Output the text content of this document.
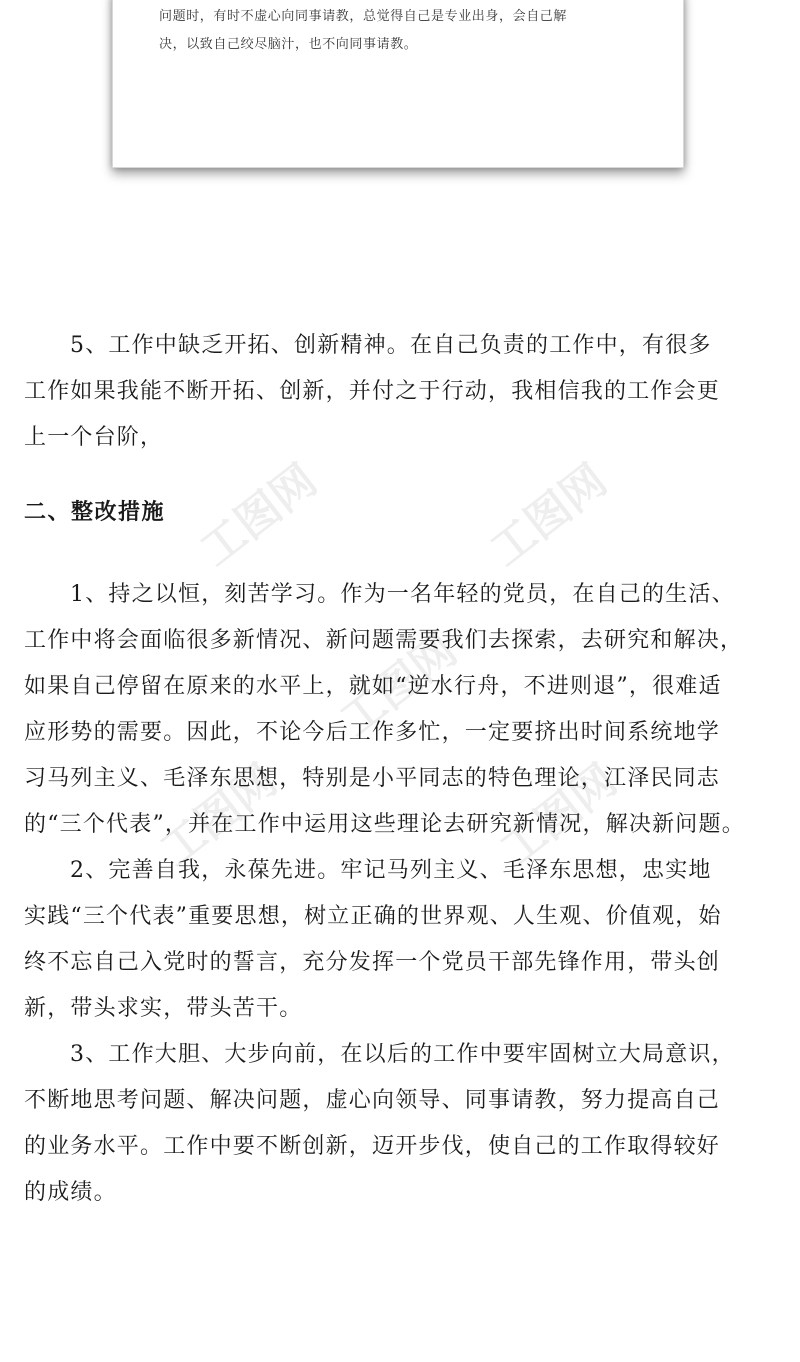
问题时，有时不虚心向同事请教，总觉得自己是专业出身，会自己解
决，以致自己绞尽脑汁，也不向同事请教。
工图网	工图网
工图网
工图网	工图网
5、工作中缺乏开拓、创新精神。在自己负责的工作中，有很多
工作如果我能不断开拓、创新，并付之于行动，我相信我的工作会更
上一个台阶，
二、整改措施
1、持之以恒，刻苦学习。作为一名年轻的党员，在自己的生活、
工作中将会面临很多新情况、新问题需要我们去探索，去研究和解决，
如果自己停留在原来的水平上，就如“逆水行舟，不进则退”，很难适
应形势的需要。因此，不论今后工作多忙，一定要挤出时间系统地学
习马列主义、毛泽东思想，特别是小平同志的特色理论，江泽民同志
的“三个代表”，并在工作中运用这些理论去研究新情况，解决新问题。
2、完善自我，永葆先进。牢记马列主义、毛泽东思想，忠实地
实践“三个代表”重要思想，树立正确的世界观、人生观、价值观，始
终不忘自己入党时的誓言，充分发挥一个党员干部先锋作用，带头创
新，带头求实，带头苦干。
3、工作大胆、大步向前，在以后的工作中要牢固树立大局意识，
不断地思考问题、解决问题，虚心向领导、同事请教，努力提高自己
的业务水平。工作中要不断创新，迈开步伐，使自己的工作取得较好
的成绩。
